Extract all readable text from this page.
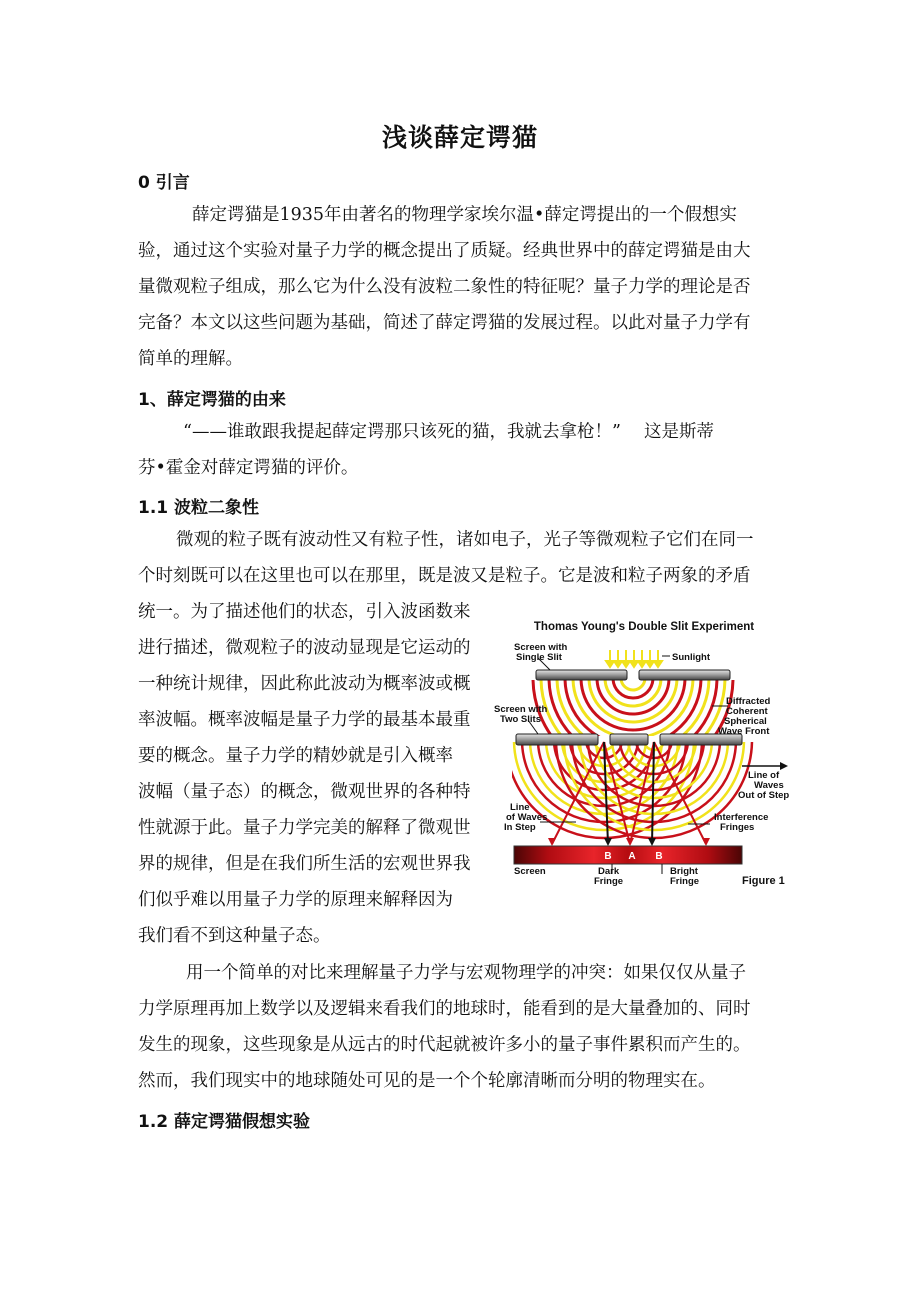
浅谈薛定谔猫
0 引言
薛定谔猫是1935年由著名的物理学家埃尔温•薛定谔提出的一个假想实
验，通过这个实验对量子力学的概念提出了质疑。经典世界中的薛定谔猫是由大
量微观粒子组成，那么它为什么没有波粒二象性的特征呢？量子力学的理论是否
完备？本文以这些问题为基础，简述了薛定谔猫的发展过程。以此对量子力学有
简单的理解。
1、薛定谔猫的由来
“——谁敢跟我提起薛定谔那只该死的猫，我就去拿枪！”　 这是斯蒂
芬•霍金对薛定谔猫的评价。
1.1 波粒二象性
微观的粒子既有波动性又有粒子性，诸如电子，光子等微观粒子它们在同一
个时刻既可以在这里也可以在那里，既是波又是粒子。它是波和粒子两象的矛盾
统一。为了描述他们的状态，引入波函数来
进行描述，微观粒子的波动显现是它运动的
一种统计规律，因此称此波动为概率波或概
率波幅。概率波幅是量子力学的最基本最重
要的概念。量子力学的精妙就是引入概率
波幅（量子态）的概念，微观世界的各种特
性就源于此。量子力学完美的解释了微观世
界的规律，但是在我们所生活的宏观世界我
们似乎难以用量子力学的原理来解释因为
我们看不到这种量子态。
用一个简单的对比来理解量子力学与宏观物理学的冲突：如果仅仅从量子
力学原理再加上数学以及逻辑来看我们的地球时，能看到的是大量叠加的、同时
发生的现象，这些现象是从远古的时代起就被许多小的量子事件累积而产生的。
然而，我们现实中的地球随处可见的是一个个轮廓清晰而分明的物理实在。
1.2 薛定谔猫假想实验
Thomas Young's Double Slit Experiment
B A B
Screen with
Single Slit	Sunlight
Diffracted
Coherent
Spherical
Wave Front
Screen with
Two Slits
Line of
Waves
Out of Step
Line
of Waves
In Step
Interference
Fringes
Screen	Dark
Fringe
Bright
Fringe	Figure 1
